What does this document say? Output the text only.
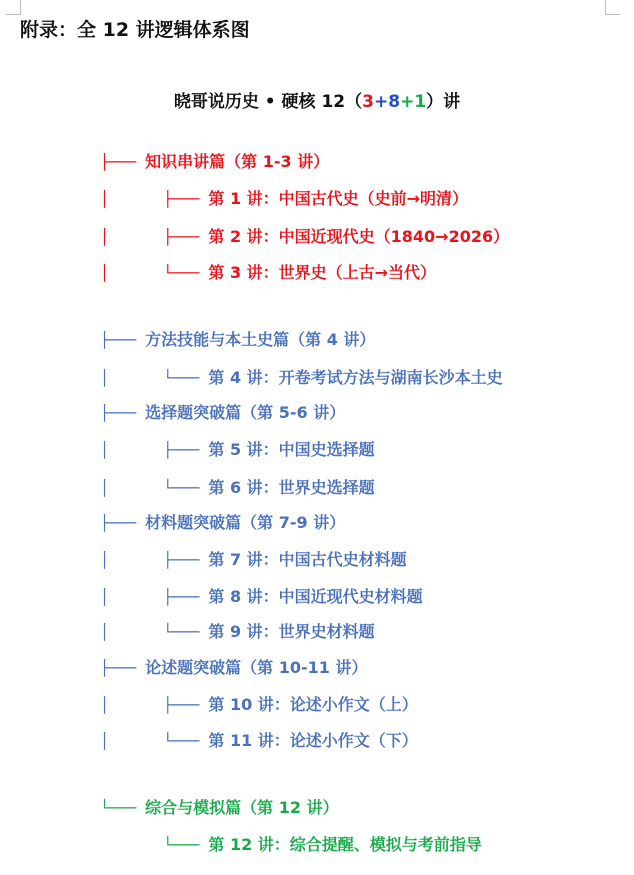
附录：全 12 讲逻辑体系图
晓哥说历史 • 硬核 12（3+8+1）讲
├─── 知识串讲篇（第 1-3 讲）
│      ├─── 第 1 讲：中国古代史（史前→明清）
│      ├─── 第 2 讲：中国近现代史（1840→2026）
│      └─── 第 3 讲：世界史（上古→当代）
├─── 方法技能与本土史篇（第 4 讲）
│      └─── 第 4 讲：开卷考试方法与湖南长沙本土史
├─── 选择题突破篇（第 5-6 讲）
│      ├─── 第 5 讲：中国史选择题
│      └─── 第 6 讲：世界史选择题
├─── 材料题突破篇（第 7-9 讲）
│      ├─── 第 7 讲：中国古代史材料题
│      ├─── 第 8 讲：中国近现代史材料题
│      └─── 第 9 讲：世界史材料题
├─── 论述题突破篇（第 10-11 讲）
│      ├─── 第 10 讲：论述小作文（上）
│      └─── 第 11 讲：论述小作文（下）
└─── 综合与模拟篇（第 12 讲）
└─── 第 12 讲：综合提醒、模拟与考前指导
